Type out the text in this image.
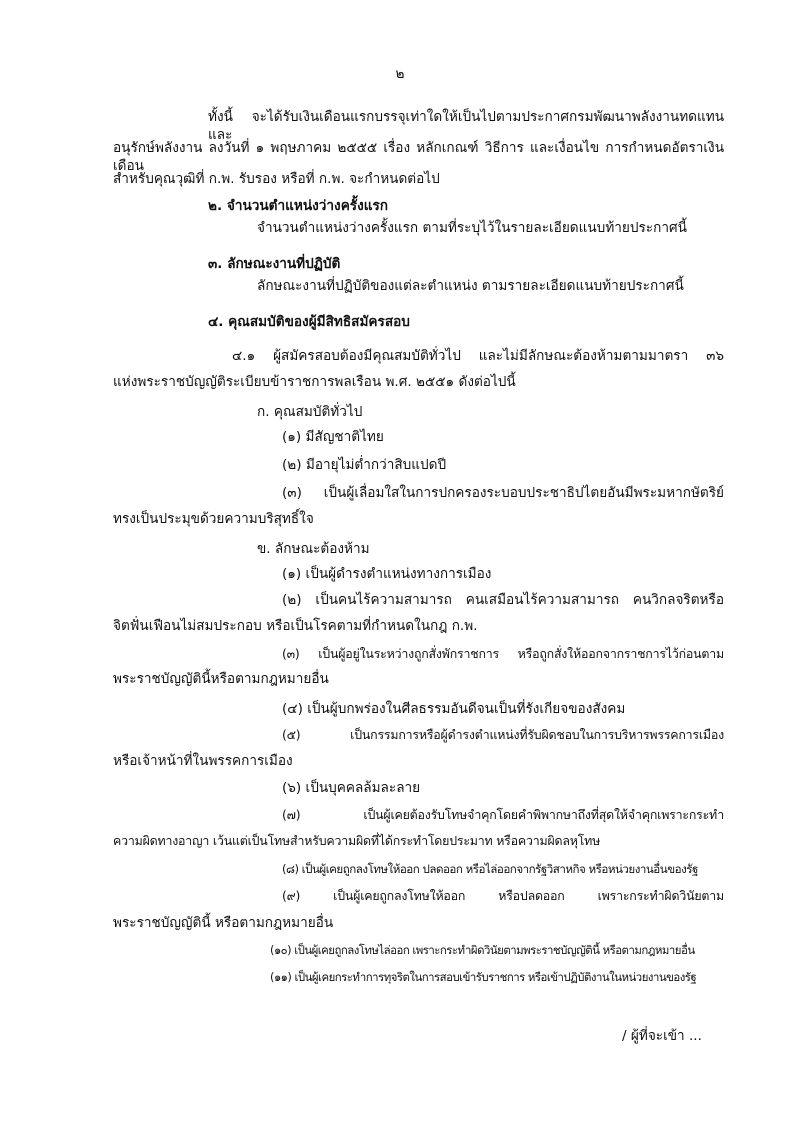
๒
ทั้งนี้ จะได้รับเงินเดือนแรกบรรจุเท่าใดให้เป็นไปตามประกาศกรมพัฒนาพลังงานทดแทนและ
อนุรักษ์พลังงาน ลงวันที่ ๑ พฤษภาคม ๒๕๕๕ เรื่อง หลักเกณฑ์ วิธีการ และเงื่อนไข การกำหนดอัตราเงินเดือน
สำหรับคุณวุฒิที่ ก.พ. รับรอง หรือที่ ก.พ. จะกำหนดต่อไป
๒. จำนวนตำแหน่งว่างครั้งแรก
จำนวนตำแหน่งว่างครั้งแรก ตามที่ระบุไว้ในรายละเอียดแนบท้ายประกาศนี้
๓. ลักษณะงานที่ปฏิบัติ
ลักษณะงานที่ปฏิบัติของแต่ละตำแหน่ง ตามรายละเอียดแนบท้ายประกาศนี้
๔. คุณสมบัติของผู้มีสิทธิสมัครสอบ
๔.๑ ผู้สมัครสอบต้องมีคุณสมบัติทั่วไป และไม่มีลักษณะต้องห้ามตามมาตรา ๓๖
แห่งพระราชบัญญัติระเบียบข้าราชการพลเรือน พ.ศ. ๒๕๕๑ ดังต่อไปนี้
ก. คุณสมบัติทั่วไป
(๑) มีสัญชาติไทย
(๒) มีอายุไม่ต่ำกว่าสิบแปดปี
(๓) เป็นผู้เลื่อมใสในการปกครองระบอบประชาธิปไตยอันมีพระมหากษัตริย์
ทรงเป็นประมุขด้วยความบริสุทธิ์ใจ
ข. ลักษณะต้องห้าม
(๑) เป็นผู้ดำรงตำแหน่งทางการเมือง
(๒) เป็นคนไร้ความสามารถ คนเสมือนไร้ความสามารถ คนวิกลจริตหรือ
จิตฟั่นเฟือนไม่สมประกอบ หรือเป็นโรคตามที่กำหนดในกฎ ก.พ.
(๓) เป็นผู้อยู่ในระหว่างถูกสั่งพักราชการ หรือถูกสั่งให้ออกจากราชการไว้ก่อนตาม
พระราชบัญญัตินี้หรือตามกฎหมายอื่น
(๔) เป็นผู้บกพร่องในศีลธรรมอันดีจนเป็นที่รังเกียจของสังคม
(๕) เป็นกรรมการหรือผู้ดำรงตำแหน่งที่รับผิดชอบในการบริหารพรรคการเมือง
หรือเจ้าหน้าที่ในพรรคการเมือง
(๖) เป็นบุคคลล้มละลาย
(๗) เป็นผู้เคยต้องรับโทษจำคุกโดยคำพิพากษาถึงที่สุดให้จำคุกเพราะกระทำ
ความผิดทางอาญา เว้นแต่เป็นโทษสำหรับความผิดที่ได้กระทำโดยประมาท หรือความผิดลหุโทษ
(๘) เป็นผู้เคยถูกลงโทษให้ออก ปลดออก หรือไล่ออกจากรัฐวิสาหกิจ หรือหน่วยงานอื่นของรัฐ
(๙) เป็นผู้เคยถูกลงโทษให้ออก หรือปลดออก เพราะกระทำผิดวินัยตาม
พระราชบัญญัตินี้ หรือตามกฎหมายอื่น
(๑๐) เป็นผู้เคยถูกลงโทษไล่ออก เพราะกระทำผิดวินัยตามพระราชบัญญัตินี้ หรือตามกฎหมายอื่น
(๑๑) เป็นผู้เคยกระทำการทุจริตในการสอบเข้ารับราชการ หรือเข้าปฏิบัติงานในหน่วยงานของรัฐ
/ ผู้ที่จะเข้า ...
